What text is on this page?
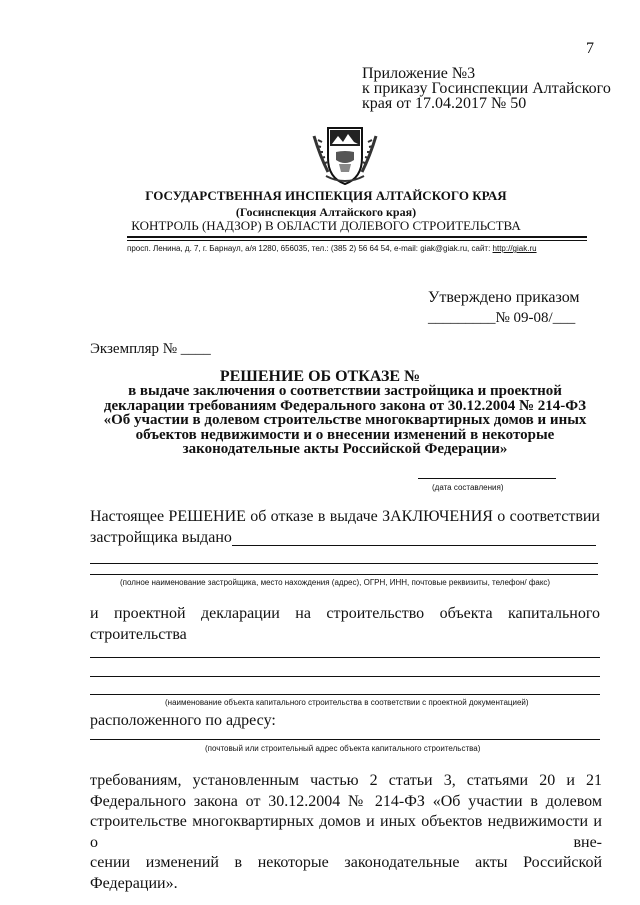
7
Приложение №3
к приказу Госинспекции Алтайского
края от 17.04.2017 № 50
ГОСУДАРСТВЕННАЯ ИНСПЕКЦИЯ АЛТАЙСКОГО КРАЯ
(Госинспекция Алтайского края)
КОНТРОЛЬ (НАДЗОР) В ОБЛАСТИ ДОЛЕВОГО СТРОИТЕЛЬСТВА
просп. Ленина, д. 7, г. Барнаул, а/я 1280, 656035, тел.: (385 2) 56 64 54, e-mail: giak@giak.ru, сайт: http://giak.ru
Утверждено приказом
_________№ 09-08/___
Экземпляр № ____
РЕШЕНИЕ ОБ ОТКАЗЕ №
в выдаче заключения о соответствии застройщика и проектной
декларации требованиям Федерального закона от 30.12.2004 № 214-ФЗ
«Об участии в долевом строительстве многоквартирных домов и иных
объектов недвижимости и о внесении изменений в некоторые
законодательные акты Российской Федерации»
(дата составления)
Настоящее РЕШЕНИЕ об отказе в выдаче ЗАКЛЮЧЕНИЯ о соответствии
застройщика выдано
(полное наименование застройщика, место нахождения (адрес), ОГРН, ИНН, почтовые реквизиты, телефон/ факс)
и проектной декларации на строительство объекта капитального
строительства
(наименование объекта капитального строительства в соответствии с проектной документацией)
расположенного по адресу:
(почтовый или строительный адрес объекта капитального строительства)
требованиям, установленным частью 2 статьи 3, статьями 20 и 21
Федерального закона от 30.12.2004 № 214-ФЗ «Об участии в долевом
строительстве многоквартирных домов и иных объектов недвижимости и о вне-
сении изменений в некоторые законодательные акты Российской
Федерации».
